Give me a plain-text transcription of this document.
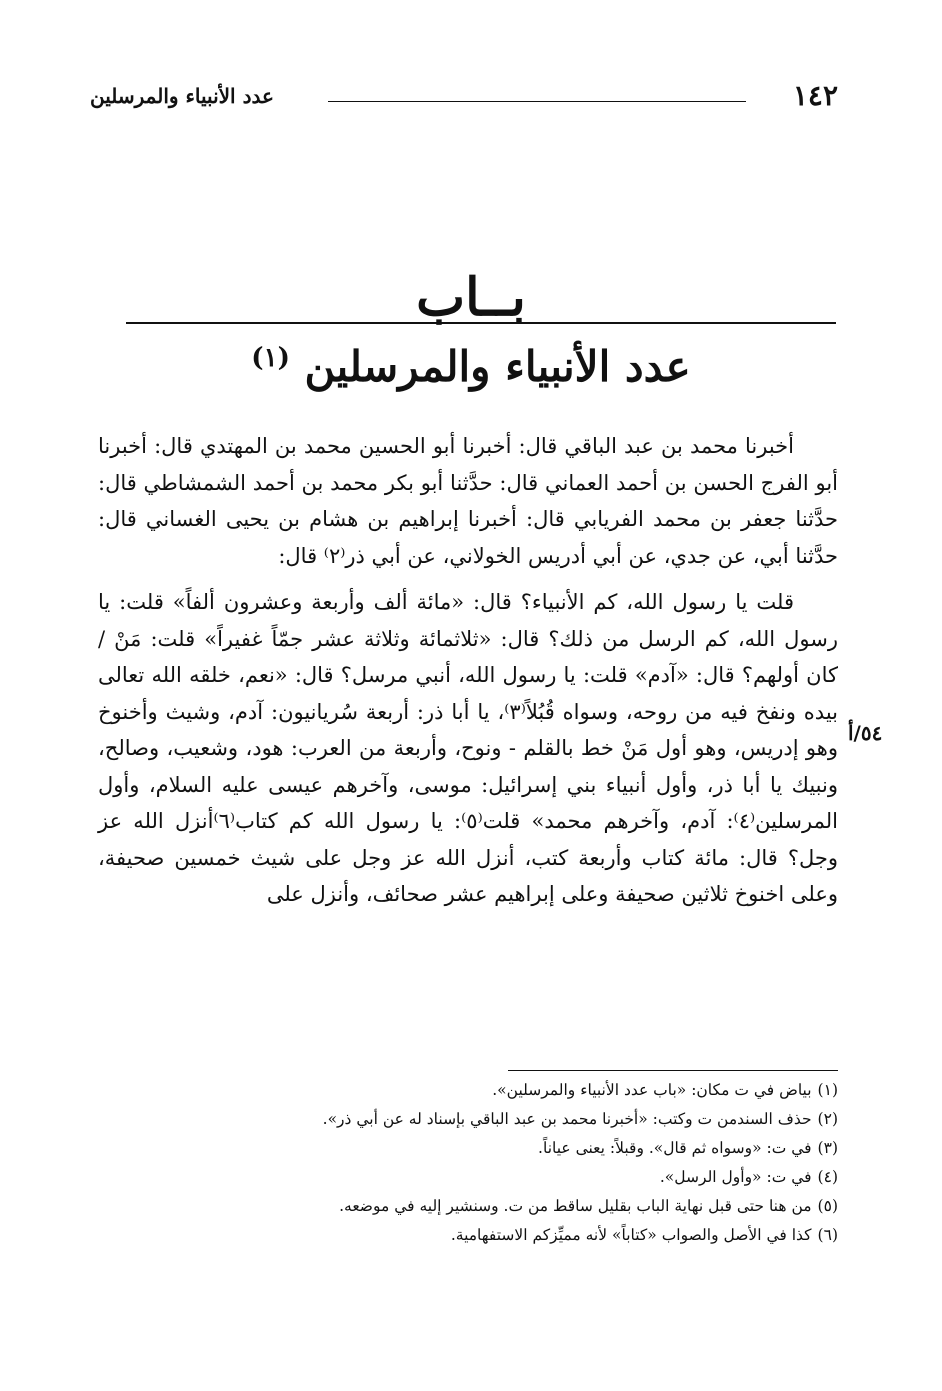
١٤٢
عدد الأنبياء والمرسلين
بــاب
عدد الأنبياء والمرسلين $^{(١)}$
٥٤/أ

أخبرنا محمد بن عبد الباقي قال: أخبرنا أبو الحسين محمد بن المهتدي قال: أخبرنا أبو الفرج الحسن بن أحمد العماني قال: حدَّثنا أبو بكر محمد بن أحمد الشمشاطي قال: حدَّثنا جعفر بن محمد الفريابي قال: أخبرنا إبراهيم بن هشام بن يحيى الغساني قال: حدَّثنا أبي، عن جدي، عن أبي أدريس الخولاني، عن أبي ذر⁽٢⁾ قال:

قلت يا رسول الله، كم الأنبياء؟ قال: «مائة ألف وأربعة وعشرون ألفاً» قلت: يا رسول الله، كم الرسل من ذلك؟ قال: «ثلاثمائة وثلاثة عشر جمّاً غفيراً» قلت: مَنْ / كان أولهم؟ قال: «آدم» قلت: يا رسول الله، أنبي مرسل؟ قال: «نعم، خلقه الله تعالى بيده ونفخ فيه من روحه، وسواه قُبُلاً⁽٣⁾، يا أبا ذر: أربعة سُريانيون: آدم، وشيث وأخنوخ وهو إدريس، وهو أول مَنْ خط بالقلم - ونوح، وأربعة من العرب: هود، وشعيب، وصالح، ونبيك يا أبا ذر، وأول أنبياء بني إسرائيل: موسى، وآخرهم عيسى عليه السلام، وأول المرسلين⁽٤⁾: آدم، وآخرهم محمد» قلت⁽٥⁾: يا رسول الله كم كتاب⁽٦⁾أنزل الله عز وجل؟ قال: مائة كتاب وأربعة كتب، أنزل الله عز وجل على شيث خمسين صحيفة، وعلى اخنوخ ثلاثين صحيفة وعلى إبراهيم عشر صحائف، وأنزل على

(١)بياض في ت مكان: «باب عدد الأنبياء والمرسلين».
(٢)حذف السندمن ت وكتب: «أخبرنا محمد بن عبد الباقي بإسناد له عن أبي ذر».
(٣)في ت: «وسواه ثم قال». وقبلاً: يعنى عياناً.
(٤)في ت: «وأول الرسل».
(٥)من هنا حتى قبل نهاية الباب بقليل ساقط من ت. وسنشير إليه في موضعه.
(٦)كذا في الأصل والصواب «كتاباً» لأنه مميِّزكم الاستفهامية.
